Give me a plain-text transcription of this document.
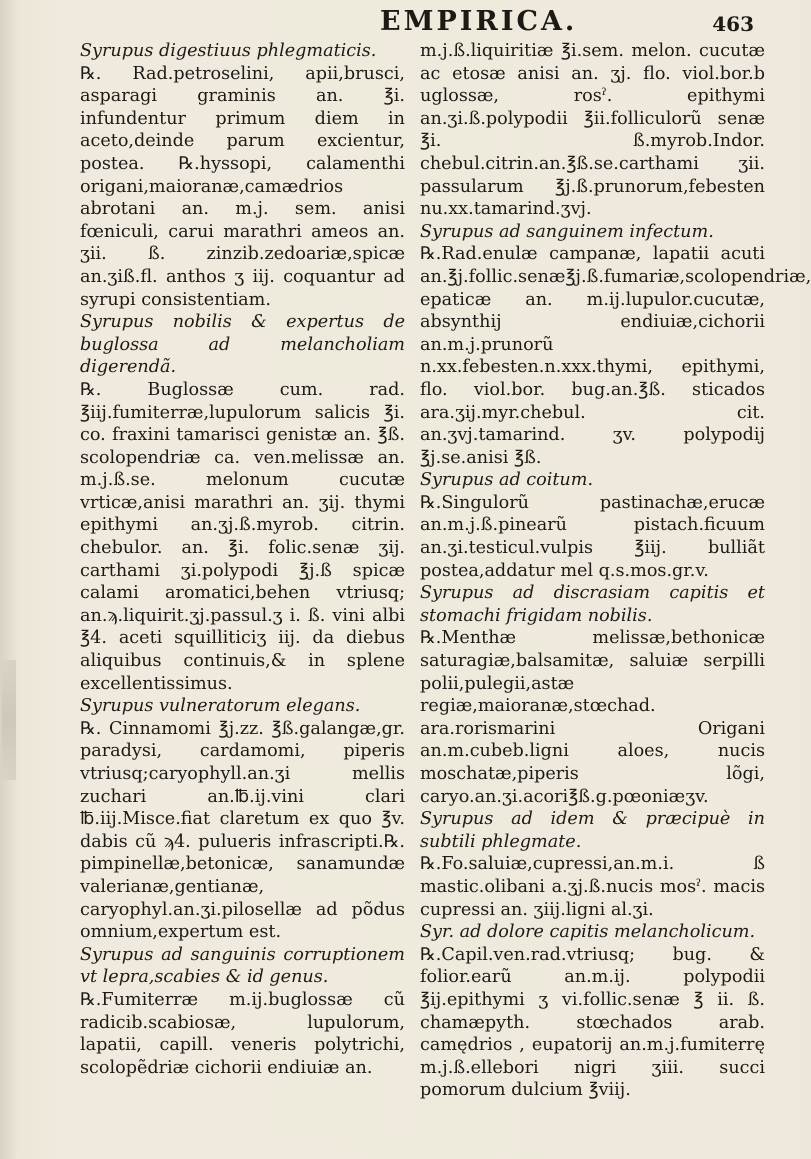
EMPIRICA.	463

Syrupus digestiuus phlegmaticis.

℞. Rad.petroselini, apii,brusci, asparagi graminis an. ℥i. infundentur primum diem in aceto,deinde parum excientur, postea. ℞.hyssopi, calamenthi origani,maioranæ,camædrios abrotani an. m.j. sem. anisi fœniculi, carui marathri ameos an. ʒii. ß. zinzib.zedoariæ,spicæ an.ʒiß.fl. anthos ʒ iij. coquantur ad syrupi consistentiam.

Syrupus nobilis & expertus de buglossa ad melancholiam digerendã.

℞. Buglossæ cum. rad. ℥iij.fumiterræ,lupulorum salicis ℥i. co. fraxini tamarisci genistæ an. ℥ß. scolopendriæ ca. ven.melissæ an. m.j.ß.se. melonum cucutæ vrticæ,anisi marathri an. ʒij. thymi epithymi an.ʒj.ß.myrob. citrin. chebulor. an. ℥i. folic.senæ ʒij. carthami ʒi.polypodi ℥j.ß spicæ calami aromatici,behen vtriusq; an.ϡ.liquirit.ʒj.passul.ʒ i. ß. vini albi ℥4. aceti squilliticiʒ iij. da diebus aliquibus continuis,& in splene excellentissimus.

Syrupus vulneratorum elegans.

℞. Cinnamomi ℥j.zz. ℥ß.galangæ,gr. paradysi, cardamomi, piperis vtriusq;caryophyll.an.ʒi mellis zuchari an.℔.ij.vini clari ℔.iij.Misce.fiat claretum ex quo ℥v. dabis cũ ϡ4. pulueris infrascripti.℞. pimpinellæ,betonicæ, sanamundæ valerianæ,gentianæ, caryophyl.an.ʒi.pilosellæ ad põdus omnium,expertum est.

Syrupus ad sanguinis corruptionem vt lepra,scabies & id genus.

℞.Fumiterræ m.ij.buglossæ cũ radicib.scabiosæ, lupulorum, lapatii, capill. veneris polytrichi, scolopẽdriæ cichorii endiuiæ an.

m.j.ß.liquiritiæ ℥i.sem. melon. cucutæ ac etosæ anisi an. ʒj. flo. viol.bor.b uglossæ, rosˀ. epithymi an.ʒi.ß.polypodii ℥ii.folliculorũ senæ ℥i. ß.myrob.Indor. chebul.citrin.an.℥ß.se.carthami ʒii. passularum ℥j.ß.prunorum,febesten nu.xx.tamarind.ʒvj.

Syrupus ad sanguinem infectum.

℞.Rad.enulæ campanæ, lapatii acuti an.℥j.follic.senæ℥j.ß.fumariæ,scolopendriæ, epaticæ an. m.ij.lupulor.cucutæ, absynthij endiuiæ,cichorii an.m.j.prunorũ n.xx.febesten.n.xxx.thymi, epithymi, flo. viol.bor. bug.an.℥ß. sticados ara.ʒij.myr.chebul. cit. an.ʒvj.tamarind. ʒv. polypodij ℥j.se.anisi ℥ß.

Syrupus ad coitum.

℞.Singulorũ pastinachæ,erucæ an.m.j.ß.pinearũ pistach.ficuum an.ʒi.testicul.vulpis ℥iij. bulliãt postea,addatur mel q.s.mos.gr.v.

Syrupus ad discrasiam capitis et stomachi frigidam nobilis.

℞.Menthæ melissæ,bethonicæ saturagiæ,balsamitæ, saluiæ serpilli polii,pulegii,astæ regiæ,maioranæ,stœchad. ara.rorismarini Origani an.m.cubeb.ligni aloes, nucis moschatæ,piperis lõgi, caryo.an.ʒi.acori℥ß.g.pœoniæʒv.

Syrupus ad idem & præcipuè in subtili phlegmate.

℞.Fo.saluiæ,cupressi,an.m.i. ß mastic.olibani a.ʒj.ß.nucis mosˀ. macis cupressi an. ʒiij.ligni al.ʒi.

Syr. ad dolore capitis melancholicum.

℞.Capil.ven.rad.vtriusq; bug. & folior.earũ an.m.ij. polypodii ℥ij.epithymi ʒ vi.follic.senæ ℥ ii. ß. chamæpyth. stœchados arab. camędrios , eupatorij an.m.j.fumiterrę m.j.ß.ellebori nigri ʒiii. succi pomorum dulcium ℥viij.
